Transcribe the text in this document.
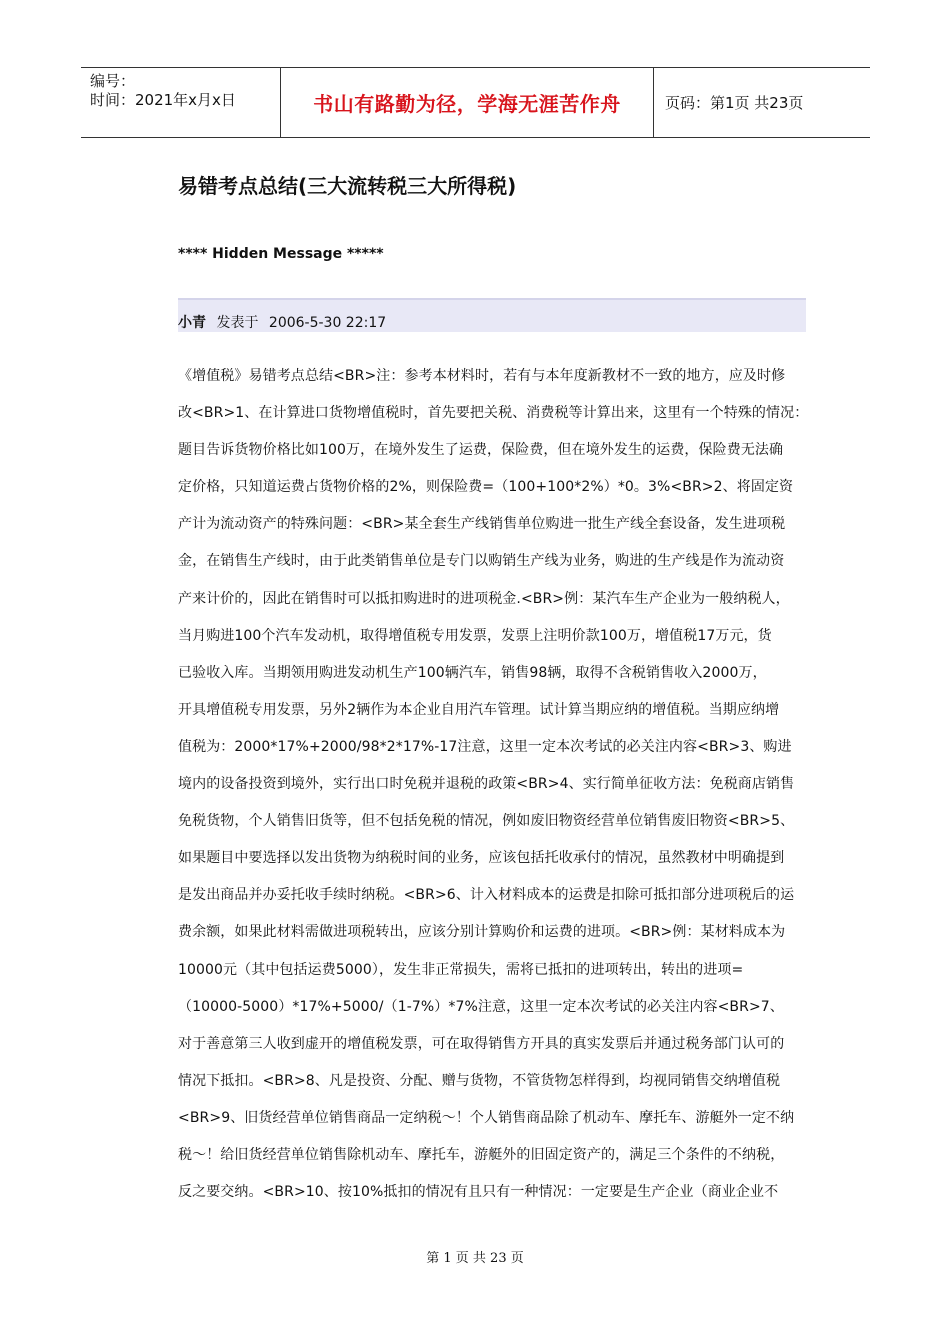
编号：
时间：2021年x月x日	书山有路勤为径，学海无涯苦作舟	页码：第1页 共23页
易错考点总结(三大流转税三大所得税)
**** Hidden Message *****
小青 发表于 2006-5-30 22:17
《增值税》易错考点总结<BR>注：参考本材料时，若有与本年度新教材不一致的地方，应及时修
改<BR>1、在计算进口货物增值税时，首先要把关税、消费税等计算出来，这里有一个特殊的情况：
题目告诉货物价格比如100万，在境外发生了运费，保险费，但在境外发生的运费，保险费无法确
定价格，只知道运费占货物价格的2%，则保险费=（100+100*2%）*0。3%<BR>2、将固定资
产计为流动资产的特殊问题：<BR>某全套生产线销售单位购进一批生产线全套设备，发生进项税
金，在销售生产线时，由于此类销售单位是专门以购销生产线为业务，购进的生产线是作为流动资
产来计价的，因此在销售时可以抵扣购进时的进项税金.<BR>例：某汽车生产企业为一般纳税人，
当月购进100个汽车发动机，取得增值税专用发票，发票上注明价款100万，增值税17万元，货
已验收入库。当期领用购进发动机生产100辆汽车，销售98辆，取得不含税销售收入2000万，
开具增值税专用发票，另外2辆作为本企业自用汽车管理。试计算当期应纳的增值税。当期应纳增
值税为：2000*17%+2000/98*2*17%-17注意，这里一定本次考试的必关注内容<BR>3、购进
境内的设备投资到境外，实行出口时免税并退税的政策<BR>4、实行简单征收方法：免税商店销售
免税货物，个人销售旧货等，但不包括免税的情况，例如废旧物资经营单位销售废旧物资<BR>5、
如果题目中要选择以发出货物为纳税时间的业务，应该包括托收承付的情况，虽然教材中明确提到
是发出商品并办妥托收手续时纳税。<BR>6、计入材料成本的运费是扣除可抵扣部分进项税后的运
费余额，如果此材料需做进项税转出，应该分别计算购价和运费的进项。<BR>例：某材料成本为
10000元（其中包括运费5000），发生非正常损失，需将已抵扣的进项转出，转出的进项=
（10000-5000）*17%+5000/（1-7%）*7%注意，这里一定本次考试的必关注内容<BR>7、
对于善意第三人收到虚开的增值税发票，可在取得销售方开具的真实发票后并通过税务部门认可的
情况下抵扣。<BR>8、凡是投资、分配、赠与货物，不管货物怎样得到，均视同销售交纳增值税
<BR>9、旧货经营单位销售商品一定纳税～！个人销售商品除了机动车、摩托车、游艇外一定不纳
税～！给旧货经营单位销售除机动车、摩托车，游艇外的旧固定资产的，满足三个条件的不纳税，
反之要交纳。<BR>10、按10%抵扣的情况有且只有一种情况：一定要是生产企业（商业企业不
第 1 页 共 23 页
